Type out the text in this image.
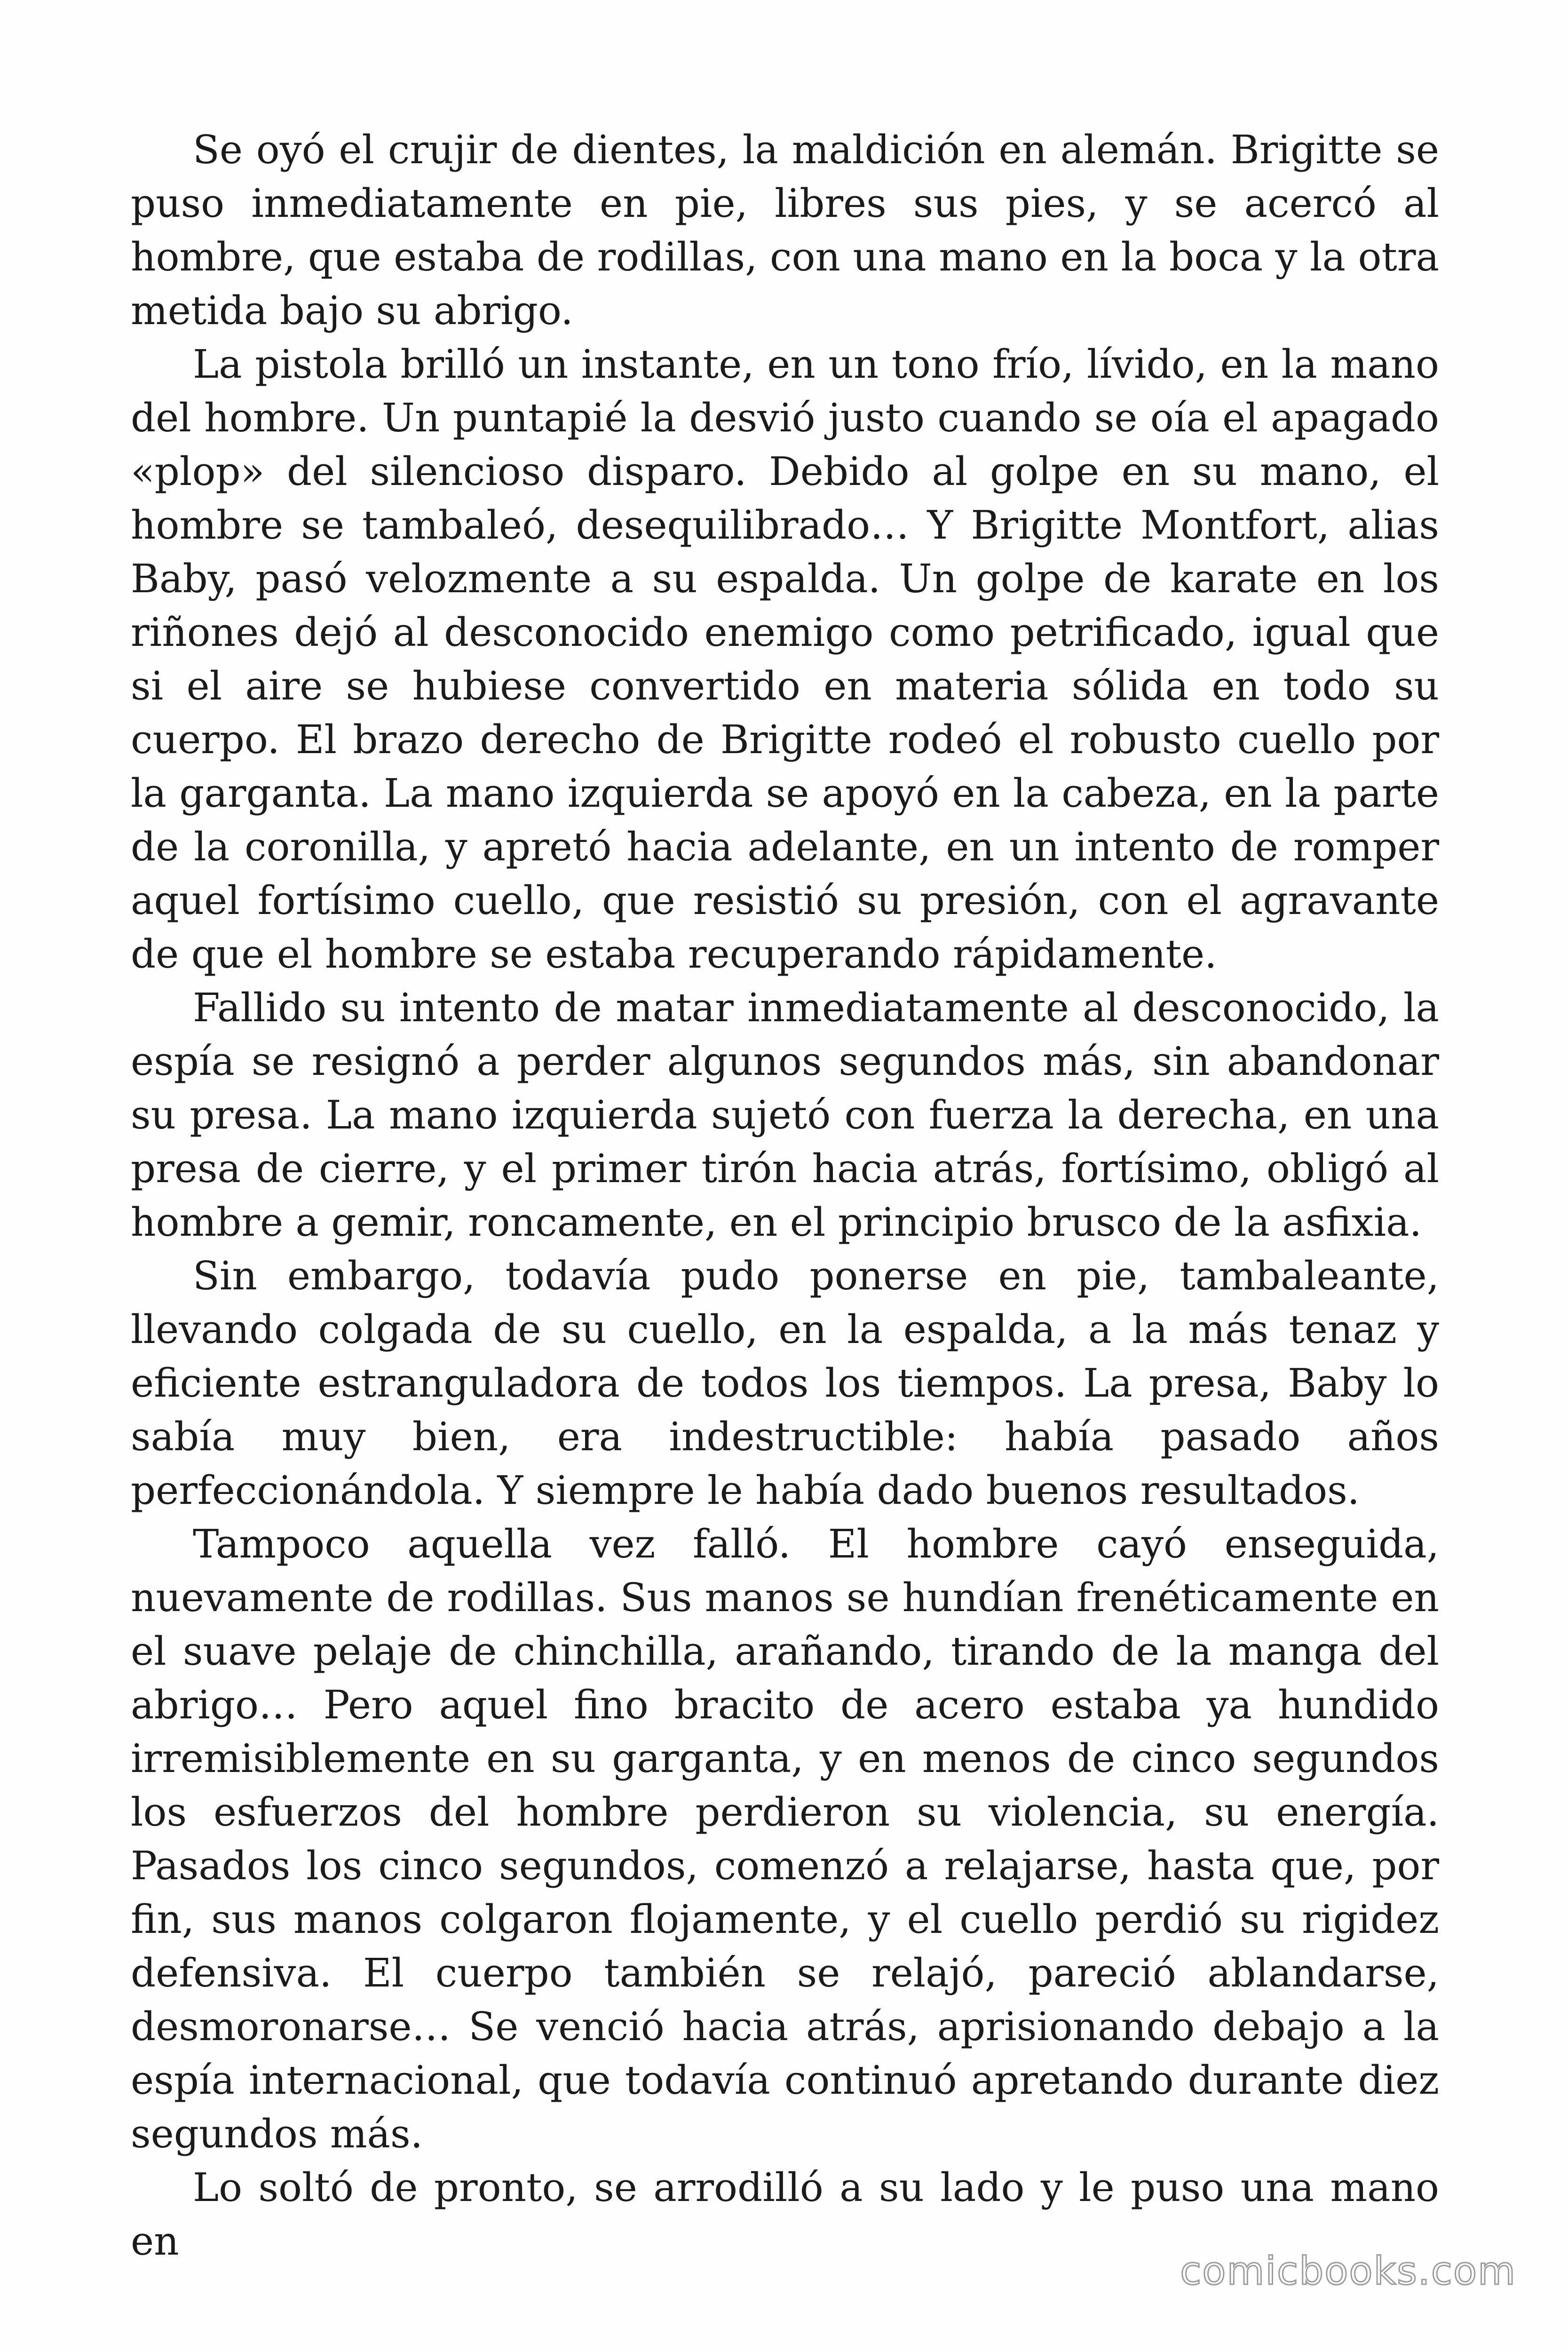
Se oyó el crujir de dientes, la maldición en alemán. Brigitte se puso inmediatamente en pie, libres sus pies, y se acercó al hombre, que estaba de rodillas, con una mano en la boca y la otra metida bajo su abrigo.

La pistola brilló un instante, en un tono frío, lívido, en la mano del hombre. Un puntapié la desvió justo cuando se oía el apagado «plop» del silencioso disparo. Debido al golpe en su mano, el hombre se tambaleó, desequilibrado… Y Brigitte Montfort, alias Baby, pasó velozmente a su espalda. Un golpe de karate en los riñones dejó al desconocido enemigo como petrificado, igual que si el aire se hubiese convertido en materia sólida en todo su cuerpo. El brazo derecho de Brigitte rodeó el robusto cuello por la garganta. La mano izquierda se apoyó en la cabeza, en la parte de la coronilla, y apretó hacia adelante, en un intento de romper aquel fortísimo cuello, que resistió su presión, con el agravante de que el hombre se estaba recuperando rápidamente.

Fallido su intento de matar inmediatamente al desconocido, la espía se resignó a perder algunos segundos más, sin abandonar su presa. La mano izquierda sujetó con fuerza la derecha, en una presa de cierre, y el primer tirón hacia atrás, fortísimo, obligó al hombre a gemir, roncamente, en el principio brusco de la asfixia.

Sin embargo, todavía pudo ponerse en pie, tambaleante, llevando colgada de su cuello, en la espalda, a la más tenaz y eficiente estranguladora de todos los tiempos. La presa, Baby lo sabía muy bien, era indestructible: había pasado años perfeccionándola. Y siempre le había dado buenos resultados.

Tampoco aquella vez falló. El hombre cayó enseguida, nuevamente de rodillas. Sus manos se hundían frenéticamente en el suave pelaje de chinchilla, arañando, tirando de la manga del abrigo… Pero aquel fino bracito de acero estaba ya hundido irremisiblemente en su garganta, y en menos de cinco segundos los esfuerzos del hombre perdieron su violencia, su energía. Pasados los cinco segundos, comenzó a relajarse, hasta que, por fin, sus manos colgaron flojamente, y el cuello perdió su rigidez defensiva. El cuerpo también se relajó, pareció ablandarse, desmoronarse… Se venció hacia atrás, aprisionando debajo a la espía internacional, que todavía continuó apretando durante diez segundos más.

Lo soltó de pronto, se arrodilló a su lado y le puso una mano en

comicbooks.com
